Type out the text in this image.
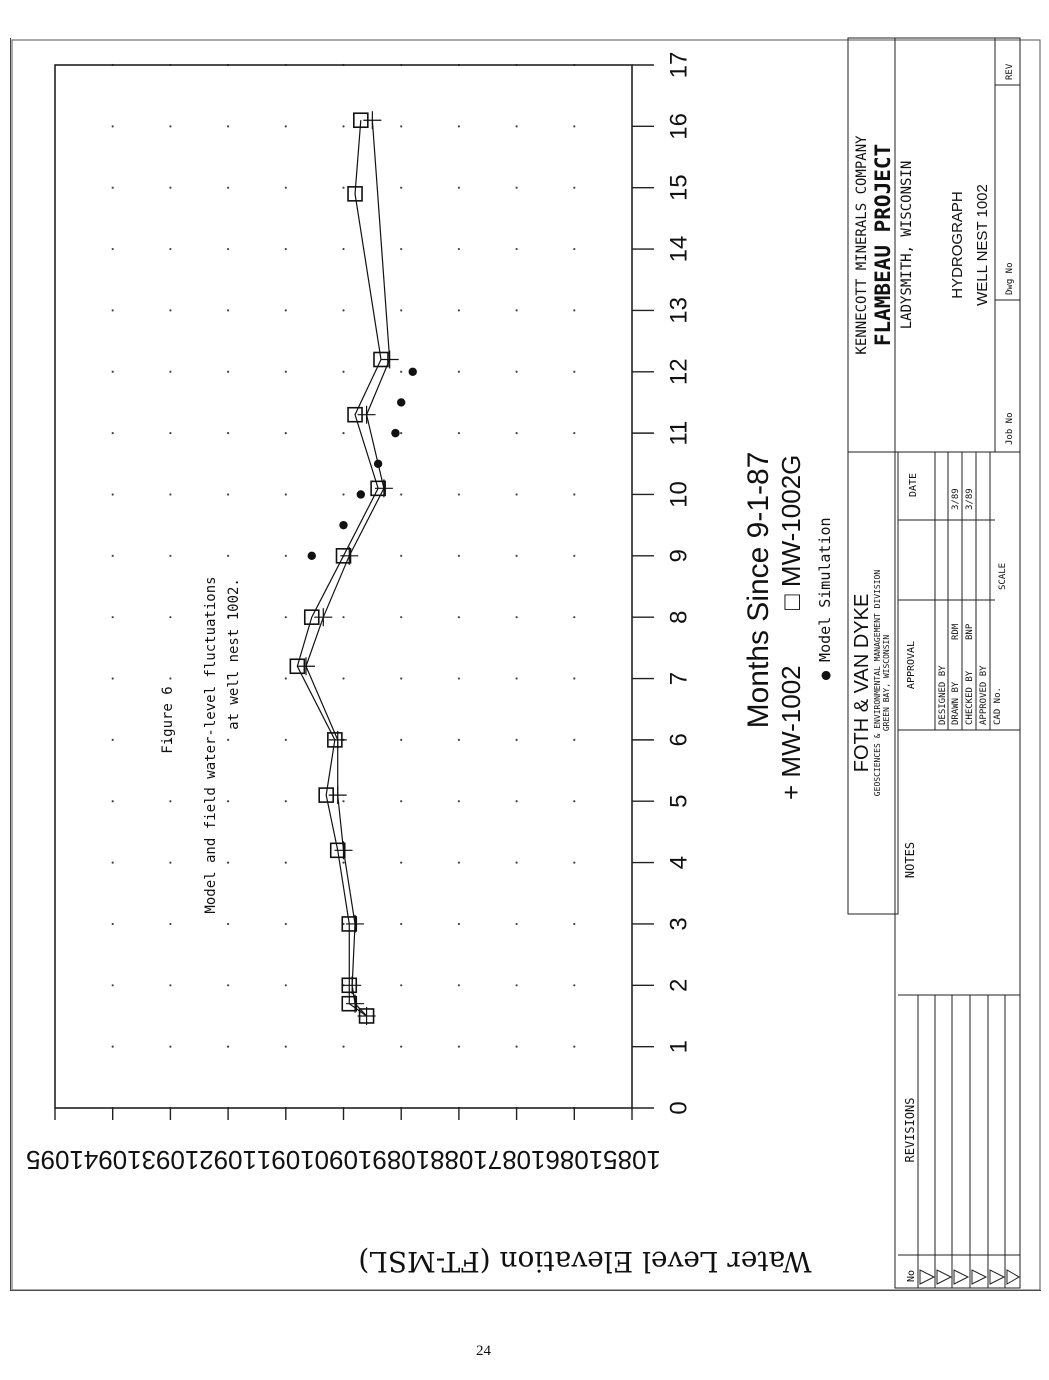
0
1
2
3
4
5
6
7
8
9
10
11
12
13
14
15
16
17
1085
1086
1087
1088
1089
1090
1091
1092
1093
1094
1095
Months Since 9-1-87
Water Level Elevation (FT-MSL)
Figure 6 Model and field water-level fluctuations at well nest 1002.
+ MW-1002
□ MW-1002G ● Model Simulation
KENNECOTT MINERALS COMPANY FLAMBEAU PROJECT LADYSMITH, WISCONSIN HYDROGRAPH WELL NEST 1002
Job No
Dwg No
REV
FOTH & VAN DYKE GEOSCIENCES & ENVIRONMENTAL MANAGEMENT DIVISION GREEN BAY, WISCONSIN APPROVAL
DATE
DESIGNED BY DRAWN BY
RDM
3/89
CHECKED BY
BNP
3/89
APPROVED BY CAD No.
SCALE
NOTES
REVISIONS
No
24
